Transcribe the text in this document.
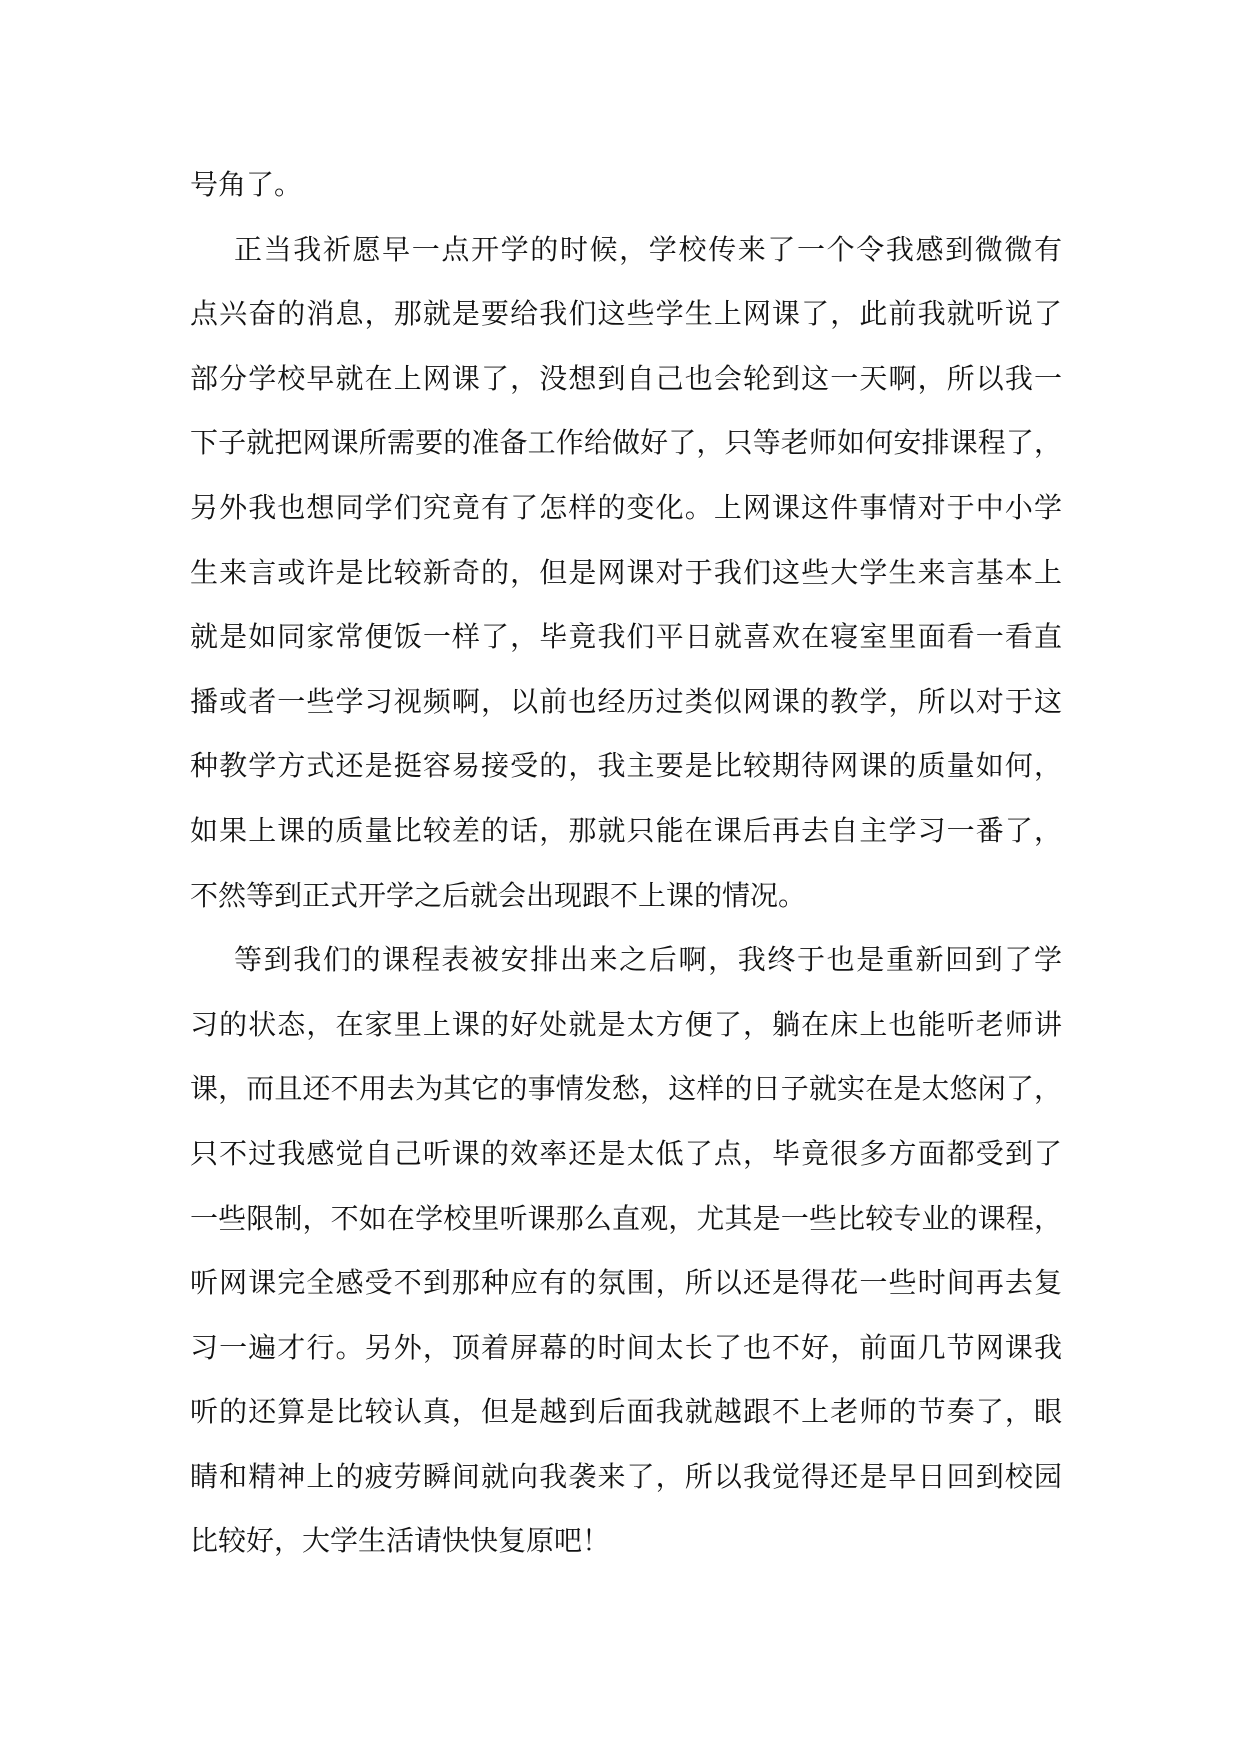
号角了。
正当我祈愿早一点开学的时候，学校传来了一个令我感到微微有
点兴奋的消息，那就是要给我们这些学生上网课了，此前我就听说了
部分学校早就在上网课了，没想到自己也会轮到这一天啊，所以我一
下子就把网课所需要的准备工作给做好了，只等老师如何安排课程了，
另外我也想同学们究竟有了怎样的变化。上网课这件事情对于中小学
生来言或许是比较新奇的，但是网课对于我们这些大学生来言基本上
就是如同家常便饭一样了，毕竟我们平日就喜欢在寝室里面看一看直
播或者一些学习视频啊，以前也经历过类似网课的教学，所以对于这
种教学方式还是挺容易接受的，我主要是比较期待网课的质量如何，
如果上课的质量比较差的话，那就只能在课后再去自主学习一番了，
不然等到正式开学之后就会出现跟不上课的情况。
等到我们的课程表被安排出来之后啊，我终于也是重新回到了学
习的状态，在家里上课的好处就是太方便了，躺在床上也能听老师讲
课，而且还不用去为其它的事情发愁，这样的日子就实在是太悠闲了，
只不过我感觉自己听课的效率还是太低了点，毕竟很多方面都受到了
一些限制，不如在学校里听课那么直观，尤其是一些比较专业的课程，
听网课完全感受不到那种应有的氛围，所以还是得花一些时间再去复
习一遍才行。另外，顶着屏幕的时间太长了也不好，前面几节网课我
听的还算是比较认真，但是越到后面我就越跟不上老师的节奏了，眼
睛和精神上的疲劳瞬间就向我袭来了，所以我觉得还是早日回到校园
比较好，大学生活请快快复原吧！
